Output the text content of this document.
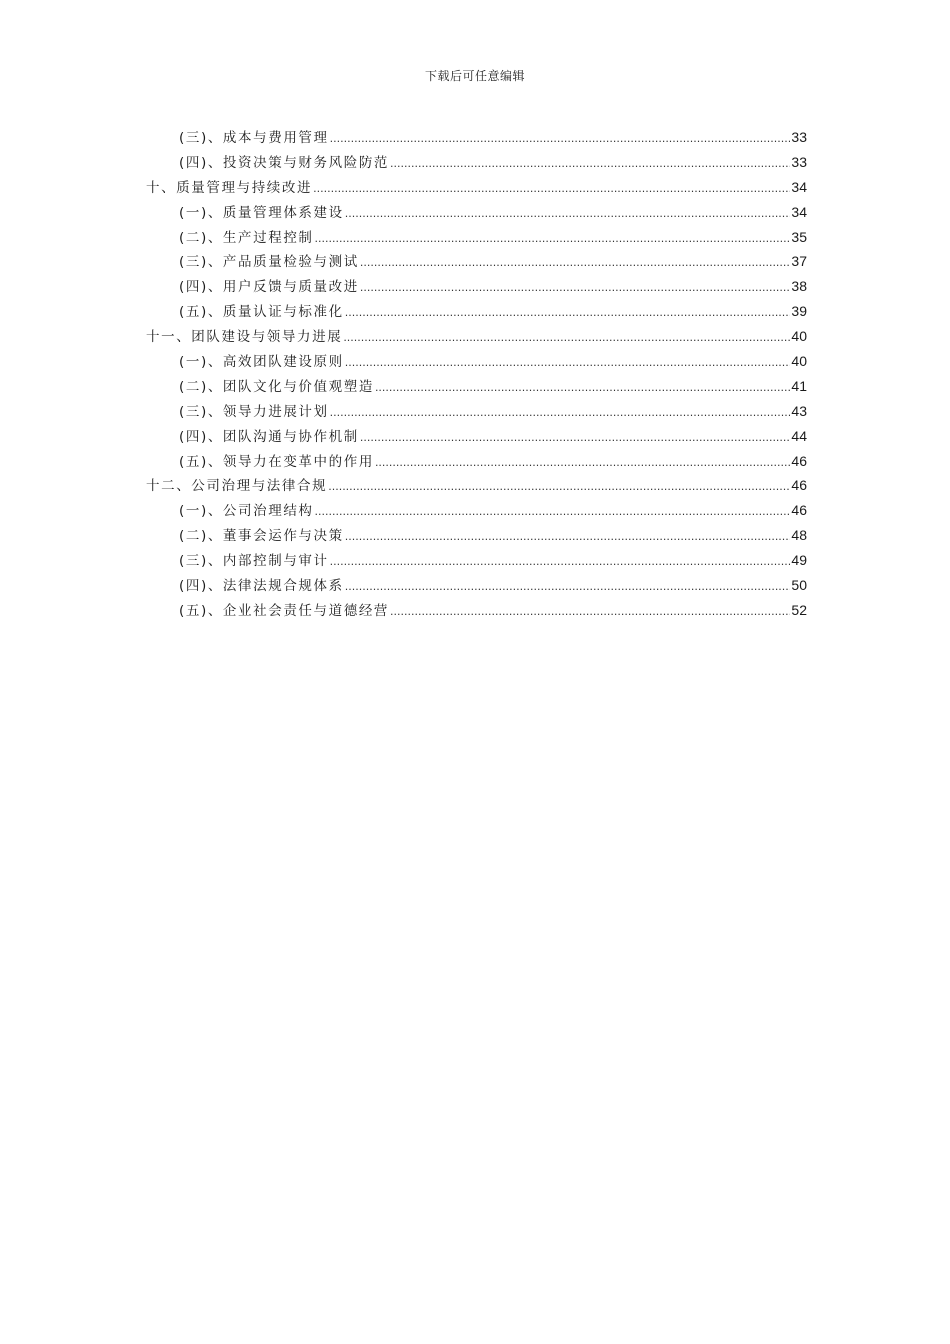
下载后可任意编辑
(三)、成本与费用管理 .....	33
(四)、投资决策与财务风险防范 .....	33
十、质量管理与持续改进 .....	34
(一)、质量管理体系建设 .....	34
(二)、生产过程控制 .....	35
(三)、产品质量检验与测试 .....	37
(四)、用户反馈与质量改进 .....	38
(五)、质量认证与标准化 .....	39
十一、团队建设与领导力进展 .....	40
(一)、高效团队建设原则 .....	40
(二)、团队文化与价值观塑造 .....	41
(三)、领导力进展计划 .....	43
(四)、团队沟通与协作机制 .....	44
(五)、领导力在变革中的作用 .....	46
十二、公司治理与法律合规 .....	46
(一)、公司治理结构 .....	46
(二)、董事会运作与决策 .....	48
(三)、内部控制与审计 .....	49
(四)、法律法规合规体系 .....	50
(五)、企业社会责任与道德经营 .....	52
